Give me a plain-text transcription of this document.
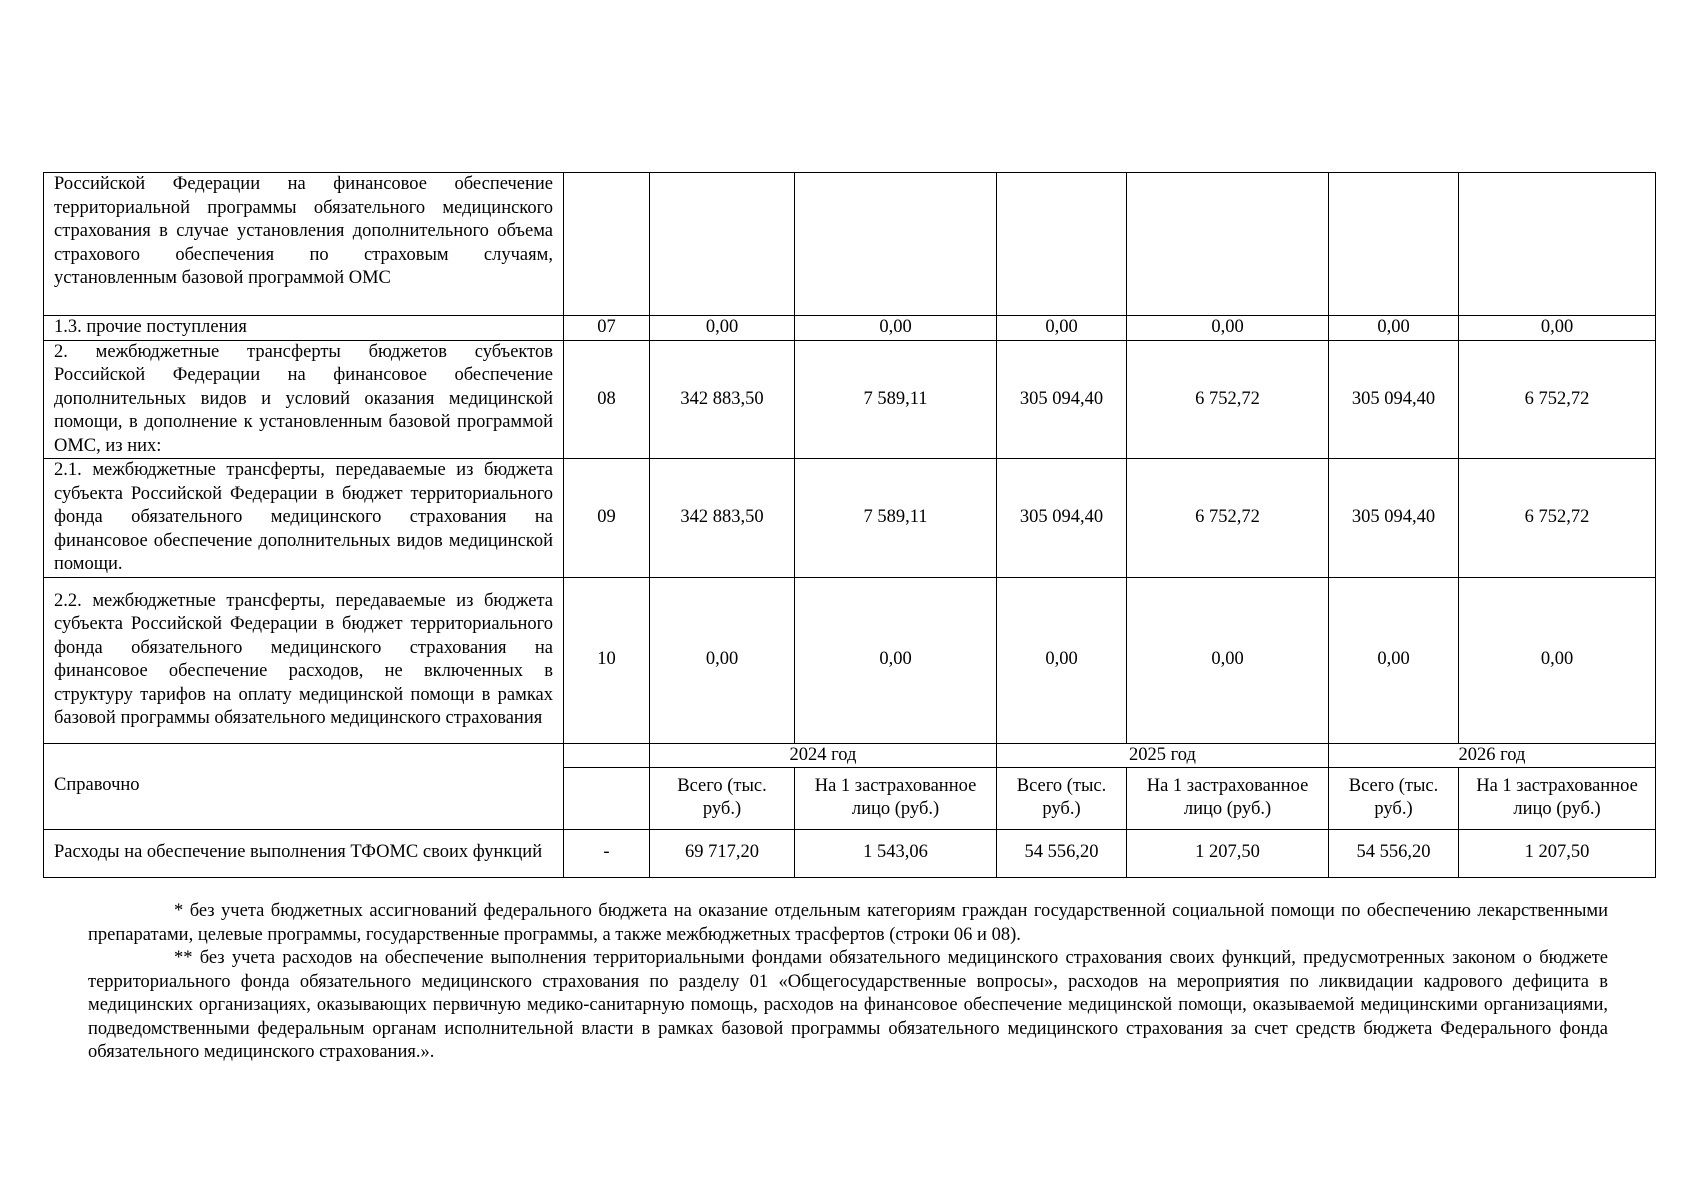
Российской Федерации на финансовое обеспечение территориальной программы обязательного медицинского страхования в случае установления дополнительного объема страхового обеспечения по страховым случаям, установленным базовой программой ОМС							
1.3. прочие поступления	07	0,00	0,00	0,00	0,00	0,00	0,00
2. межбюджетные трансферты бюджетов субъектов Российской Федерации на финансовое обеспечение дополнительных видов и условий оказания медицинской помощи, в дополнение к установленным базовой программой ОМС, из них:	08	342 883,50	7 589,11	305 094,40	6 752,72	305 094,40	6 752,72
2.1. межбюджетные трансферты, передаваемые из бюджета субъекта Российской Федерации в бюджет территориального фонда обязательного медицинского страхования на финансовое обеспечение дополнительных видов медицинской помощи.	09	342 883,50	7 589,11	305 094,40	6 752,72	305 094,40	6 752,72
2.2. межбюджетные трансферты, передаваемые из бюджета субъекта Российской Федерации в бюджет территориального фонда обязательного медицинского страхования на финансовое обеспечение расходов, не включенных в структуру тарифов на оплату медицинской помощи в рамках базовой программы обязательного медицинского страхования	10	0,00	0,00	0,00	0,00	0,00	0,00
Справочно		2024 год		2025 год		2026 год	
		Всего (тыс. руб.)	На 1 застрахованное лицо (руб.)	Всего (тыс. руб.)	На 1 застрахованное лицо (руб.)	Всего (тыс. руб.)	На 1 застрахованное лицо (руб.)
Расходы на обеспечение выполнения ТФОМС своих функций	-	69 717,20	1 543,06	54 556,20	1 207,50	54 556,20	1 207,50

* без учета бюджетных ассигнований федерального бюджета на оказание отдельным категориям граждан государственной социальной помощи по обеспечению лекарственными препаратами, целевые программы, государственные программы, а также межбюджетных трасфертов (строки 06 и 08).

** без учета расходов на обеспечение выполнения территориальными фондами обязательного медицинского страхования своих функций, предусмотренных законом о бюджете территориального фонда обязательного медицинского страхования по разделу 01 «Общегосударственные вопросы», расходов на мероприятия по ликвидации кадрового дефицита в медицинских организациях, оказывающих первичную медико-санитарную помощь, расходов на финансовое обеспечение медицинской помощи, оказываемой медицинскими организациями, подведомственными федеральным органам исполнительной власти в рамках базовой программы обязательного медицинского страхования за счет средств бюджета Федерального фонда обязательного медицинского страхования.».
